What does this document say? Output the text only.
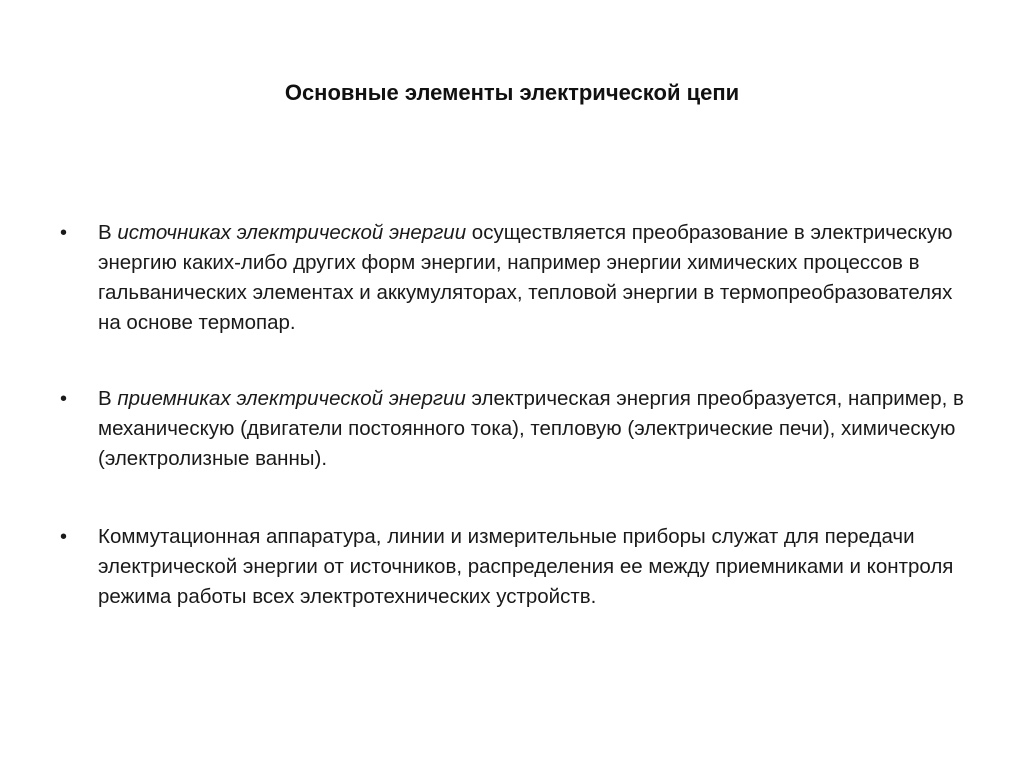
Основные элементы электрической цепи
• В источниках электрической энергии осуществляется преобразование в электрическую энергию каких-либо других форм энергии, например энергии химических процессов в гальванических элементах и аккумуляторах, тепловой энергии в термопреобразователях на основе термопар.
• В приемниках электрической энергии электрическая энергия преобразуется, например, в механическую (двигатели постоянного тока), тепловую (электрические печи), химическую (электролизные ванны).
• Коммутационная аппаратура, линии и измерительные приборы служат для передачи электрической энергии от источников, распределения ее между приемниками и контроля режима работы всех электротехнических устройств.
